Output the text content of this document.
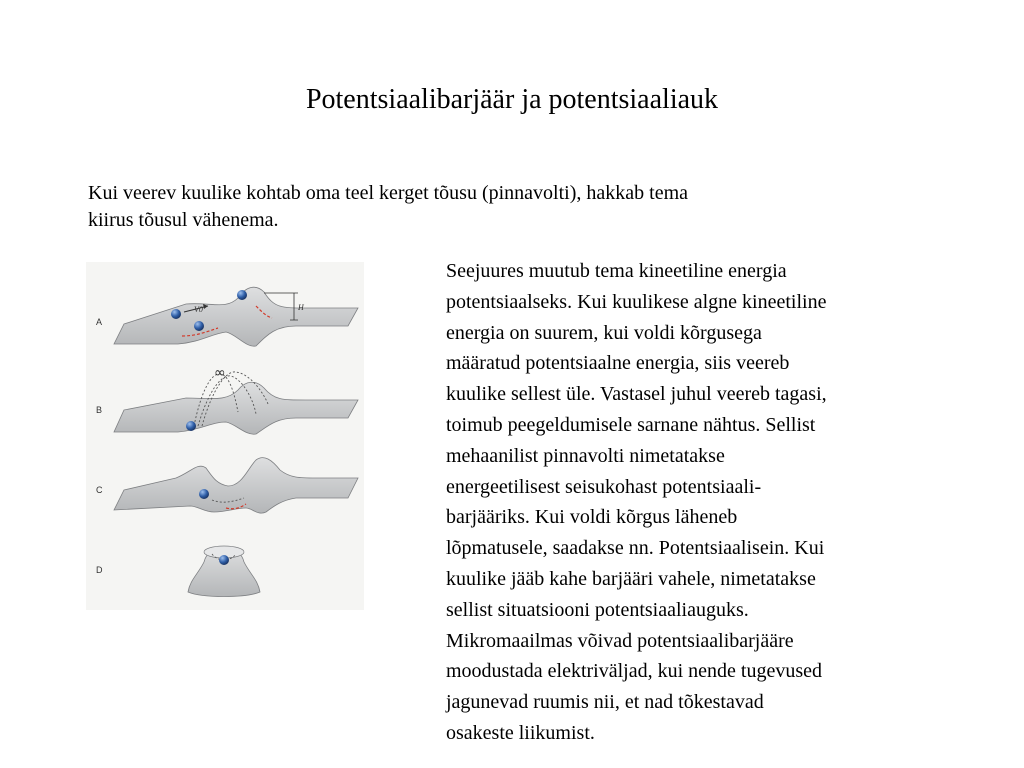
Potentsiaalibarjäär ja potentsiaaliauk
Kui veerev kuulike kohtab oma teel kerget tõusu (pinnavolti), hakkab tema
kiirus tõusul vähenema.
A
V0	H
B
∞
C
D
Seejuures muutub tema kineetiline energia
potentsiaalseks. Kui kuulikese algne kineetiline
energia on suurem, kui voldi kõrgusega
määratud potentsiaalne energia, siis veereb
kuulike sellest üle. Vastasel juhul veereb tagasi,
toimub peegeldumisele sarnane nähtus. Sellist
mehaanilist pinnavolti nimetatakse
energeetilisest seisukohast potentsiaali-
barjääriks. Kui voldi kõrgus läheneb
lõpmatusele, saadakse nn. Potentsiaalisein. Kui
kuulike jääb kahe barjääri vahele, nimetatakse
sellist situatsiooni potentsiaaliauguks.
Mikromaailmas võivad potentsiaalibarjääre
moodustada elektriväljad, kui nende tugevused
jagunevad ruumis nii, et nad tõkestavad
osakeste liikumist.
